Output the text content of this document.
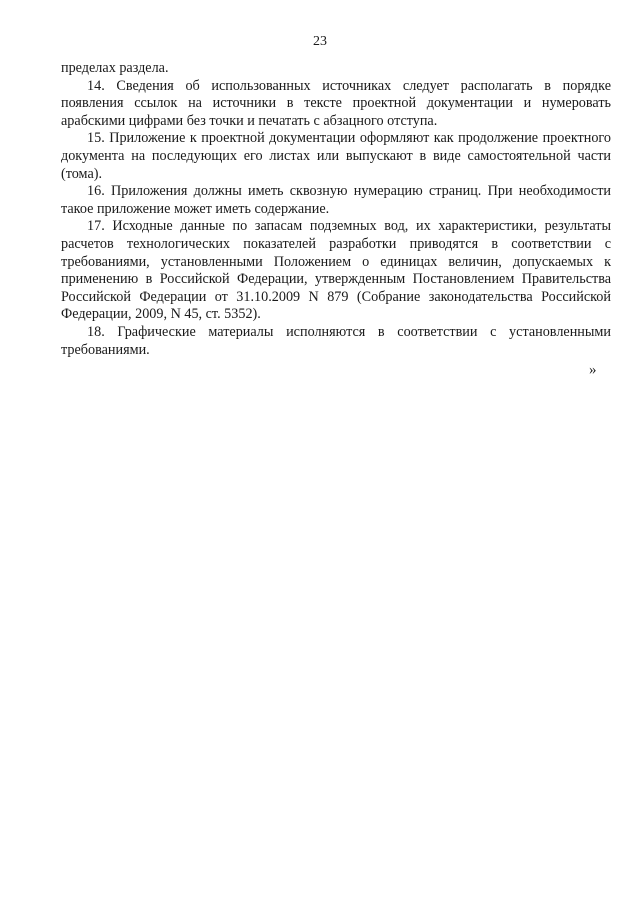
23

пределах раздела.

14. Сведения об использованных источниках следует располагать в порядке появления ссылок на источники в тексте проектной документации и нумеровать арабскими цифрами без точки и печатать с абзацного отступа.

15. Приложение к проектной документации оформляют как продолжение проектного документа на последующих его листах или выпускают в виде самостоятельной части (тома).

16. Приложения должны иметь сквозную нумерацию страниц. При необходимости такое приложение может иметь содержание.

17. Исходные данные по запасам подземных вод, их характеристики, результаты расчетов технологических показателей разработки приводятся в соответствии с требованиями, установленными Положением о единицах величин, допускаемых к применению в Российской Федерации, утвержденным Постановлением Правительства Российской Федерации от 31.10.2009 N 879 (Собрание законодательства Российской Федерации, 2009, N 45, ст. 5352).

18. Графические материалы исполняются в соответствии с установленными требованиями.

»
